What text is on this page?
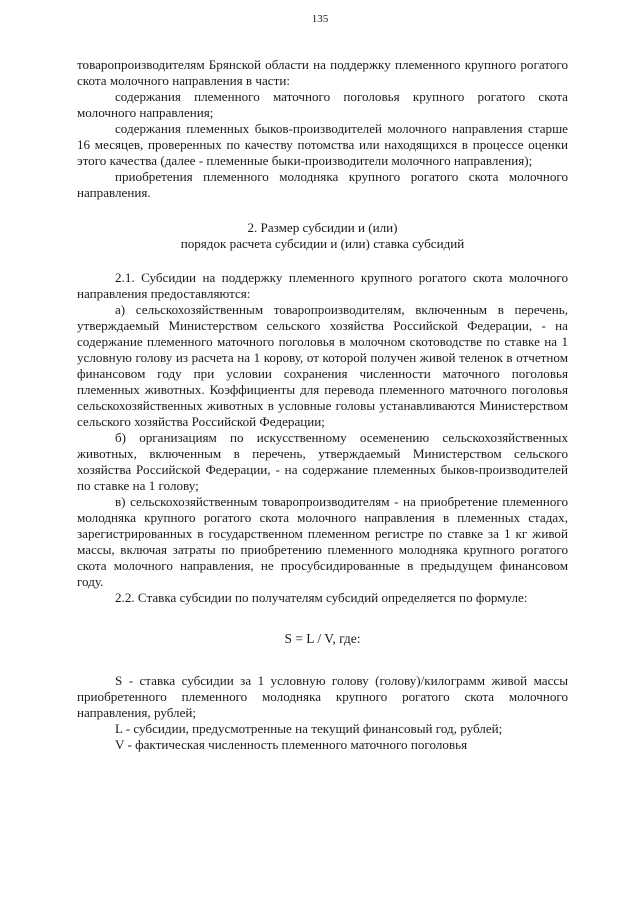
135

товаропроизводителям Брянской области на поддержку племенного крупного рогатого скота молочного направления в части:

содержания племенного маточного поголовья крупного рогатого скота молочного направления;

содержания племенных быков-производителей молочного направления старше 16 месяцев, проверенных по качеству потомства или находящихся в процессе оценки этого качества (далее - племенные быки-производители молочного направления);

приобретения племенного молодняка крупного рогатого скота молочного направления.

2. Размер субсидии и (или)

порядок расчета субсидии и (или) ставка субсидий

2.1. Субсидии на поддержку племенного крупного рогатого скота молочного направления предоставляются:

а) сельскохозяйственным товаропроизводителям, включенным в перечень, утверждаемый Министерством сельского хозяйства Российской Федерации, - на содержание племенного маточного поголовья в молочном скотоводстве по ставке на 1 условную голову из расчета на 1 корову, от которой получен живой теленок в отчетном финансовом году при условии сохранения численности маточного поголовья племенных животных. Коэффициенты для перевода племенного маточного поголовья сельскохозяйственных животных в условные головы устанавливаются Министерством сельского хозяйства Российской Федерации;

б) организациям по искусственному осеменению сельскохозяйственных животных, включенным в перечень, утверждаемый Министерством сельского хозяйства Российской Федерации, - на содержание племенных быков-производителей по ставке на 1 голову;

в) сельскохозяйственным товаропроизводителям - на приобретение племенного молодняка крупного рогатого скота молочного направления в племенных стадах, зарегистрированных в государственном племенном регистре по ставке за 1 кг живой массы, включая затраты по приобретению племенного молодняка крупного рогатого скота молочного направления, не просубсидированные в предыдущем финансовом году.

2.2. Ставка субсидии по получателям субсидий определяется по формуле:

S = L / V, где:

S - ставка субсидии за 1 условную голову (голову)/килограмм живой массы приобретенного племенного молодняка крупного рогатого скота молочного направления, рублей;

L - субсидии, предусмотренные на текущий финансовый год, рублей;

V - фактическая численность племенного маточного поголовья
